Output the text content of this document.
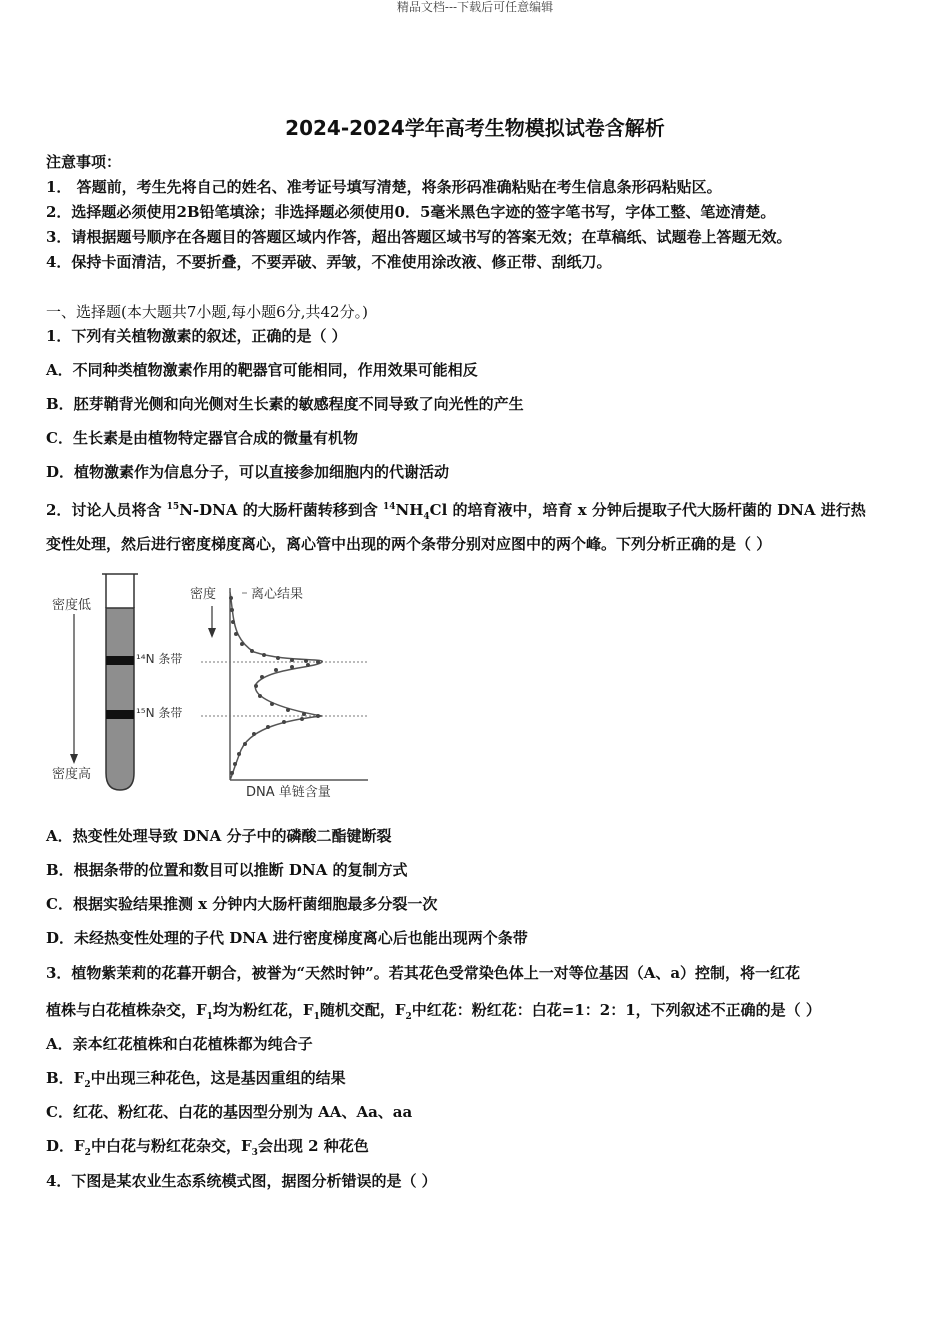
精品文档---下载后可任意编辑
2024-2024学年高考生物模拟试卷含解析
注意事项：
1． 答题前，考生先将自己的姓名、准考证号填写清楚，将条形码准确粘贴在考生信息条形码粘贴区。
2．选择题必须使用2B铅笔填涂；非选择题必须使用0．5毫米黑色字迹的签字笔书写，字体工整、笔迹清楚。
3．请根据题号顺序在各题目的答题区域内作答，超出答题区域书写的答案无效；在草稿纸、试题卷上答题无效。
4．保持卡面清洁，不要折叠，不要弄破、弄皱，不准使用涂改液、修正带、刮纸刀。
一、选择题(本大题共7小题,每小题6分,共42分。)
1．下列有关植物激素的叙述，正确的是（ ）
A．不同种类植物激素作用的靶器官可能相同，作用效果可能相反
B．胚芽鞘背光侧和向光侧对生长素的敏感程度不同导致了向光性的产生
C．生长素是由植物特定器官合成的微量有机物
D．植物激素作为信息分子，可以直接参加细胞内的代谢活动
2．讨论人员将含 $^{15}$N-DNA 的大肠杆菌转移到含 $^{14}NH_4Cl$ 的培育液中，培育 x 分钟后提取子代大肠杆菌的 DNA 进行热
变性处理，然后进行密度梯度离心，离心管中出现的两个条带分别对应图中的两个峰。下列分析正确的是（ ）
密度低
密度高
¹⁴N 条带
¹⁵N 条带
密度	离心结果
DNA 单链含量
A．热变性处理导致 DNA 分子中的磷酸二酯键断裂
B．根据条带的位置和数目可以推断 DNA 的复制方式
C．根据实验结果推测 x 分钟内大肠杆菌细胞最多分裂一次
D．未经热变性处理的子代 DNA 进行密度梯度离心后也能出现两个条带
3．植物紫茉莉的花暮开朝合，被誉为“天然时钟”。若其花色受常染色体上一对等位基因（A、a）控制，将一红花
植株与白花植株杂交，$F_1$均为粉红花，$F_1$随机交配，$F_2$中红花：粉红花：白花=1：2：1，下列叙述不正确的是（ ）
A．亲本红花植株和白花植株都为纯合子
B．$F_2$中出现三种花色，这是基因重组的结果
C．红花、粉红花、白花的基因型分别为 AA、Aa、aa
D．$F_2$中白花与粉红花杂交，$F_3$会出现 2 种花色
4．下图是某农业生态系统模式图，据图分析错误的是（ ）
